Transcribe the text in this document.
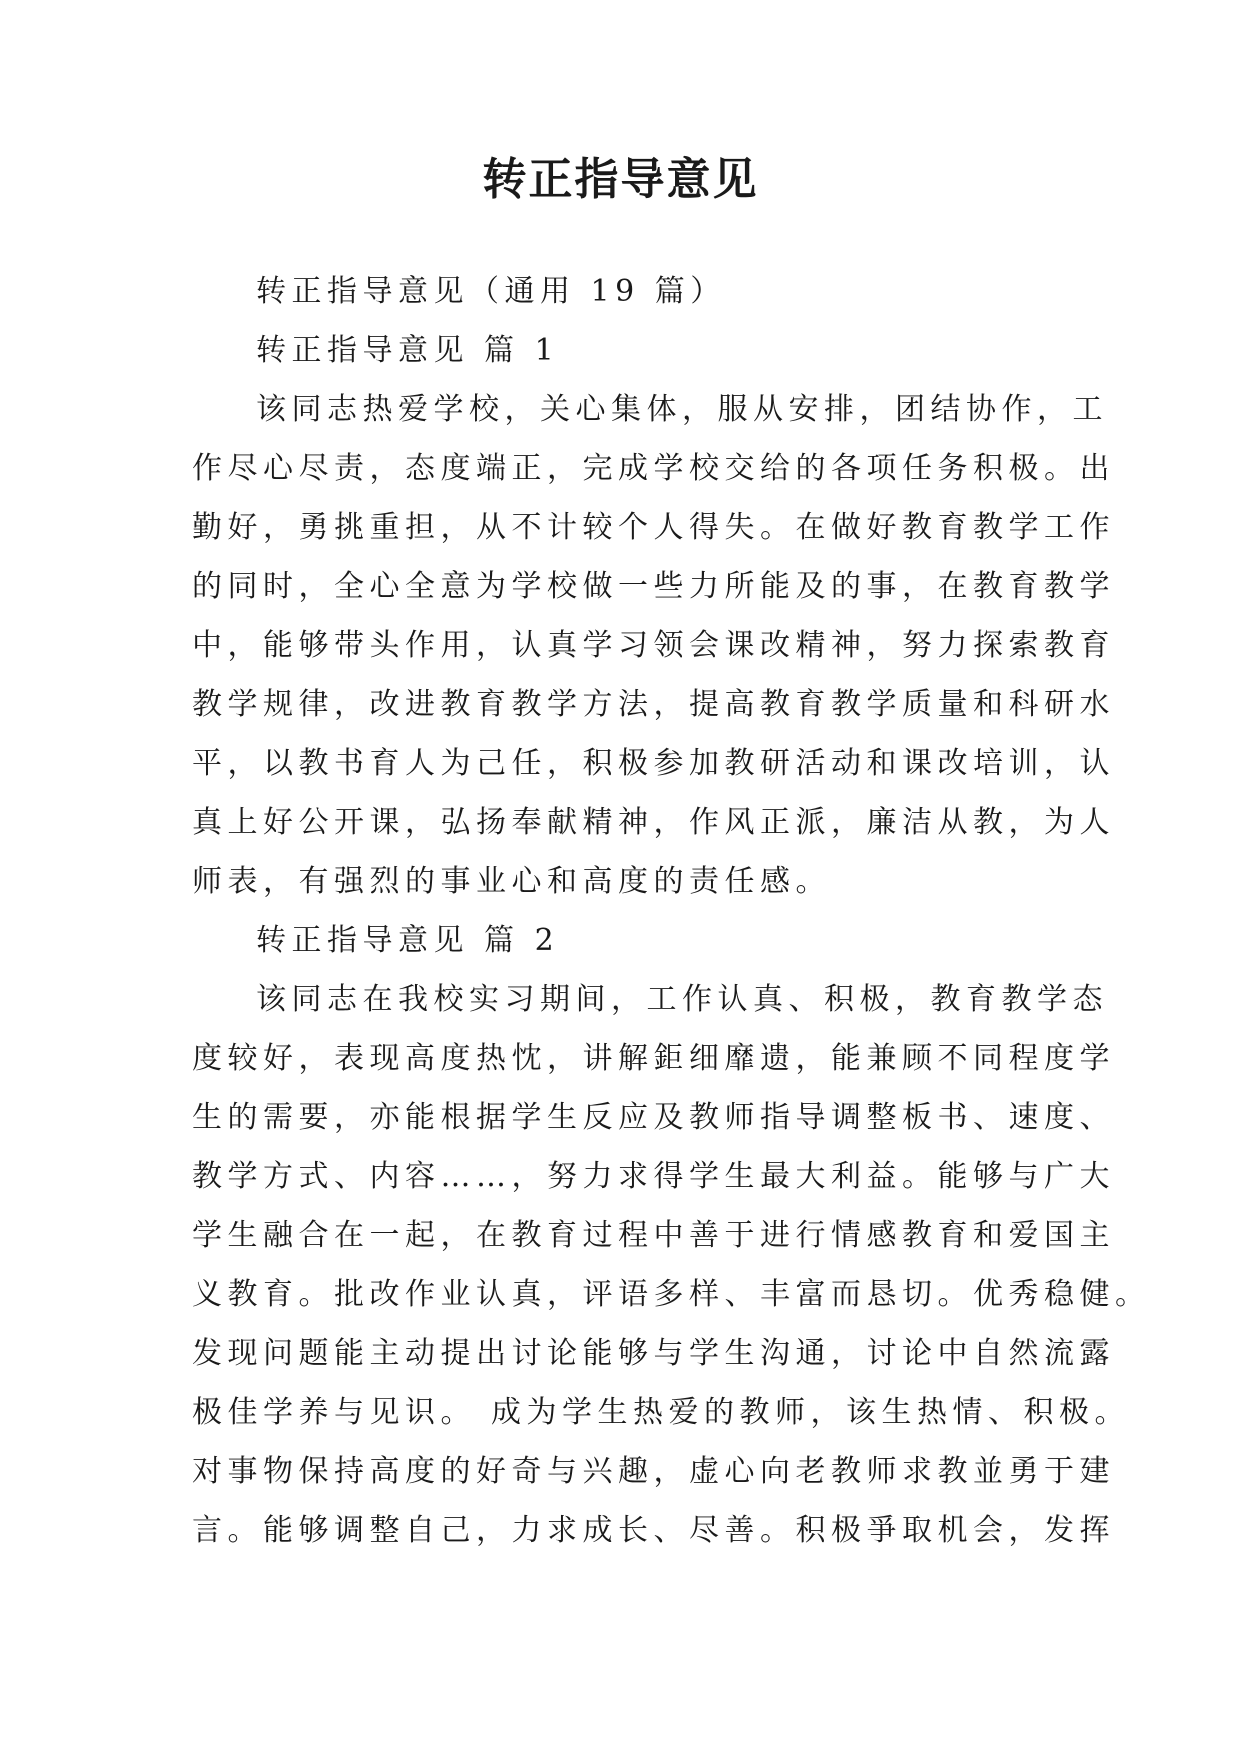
转正指导意见
转正指导意见（通用 19 篇）
转正指导意见 篇 1
该同志热爱学校，关心集体，服从安排，团结协作，工
作尽心尽责，态度端正，完成学校交给的各项任务积极。出
勤好，勇挑重担，从不计较个人得失。在做好教育教学工作
的同时，全心全意为学校做一些力所能及的事，在教育教学
中，能够带头作用，认真学习领会课改精神，努力探索教育
教学规律，改进教育教学方法，提高教育教学质量和科研水
平，以教书育人为己任，积极参加教研活动和课改培训，认
真上好公开课，弘扬奉献精神，作风正派，廉洁从教，为人
师表，有强烈的事业心和高度的责任感。
转正指导意见 篇 2
该同志在我校实习期间，工作认真、积极，教育教学态
度较好，表现高度热忱，讲解鉅细靡遗，能兼顾不同程度学
生的需要，亦能根据学生反应及教师指导调整板书、速度、
教学方式、内容……，努力求得学生最大利益。能够与广大
学生融合在一起，在教育过程中善于进行情感教育和爱国主
义教育。批改作业认真，评语多样、丰富而恳切。优秀稳健。
发现问题能主动提出讨论能够与学生沟通，讨论中自然流露
极佳学养与见识。 成为学生热爱的教师，该生热情、积极。
对事物保持高度的好奇与兴趣，虚心向老教师求教並勇于建
言。能够调整自己，力求成长、尽善。积极爭取机会，发挥
